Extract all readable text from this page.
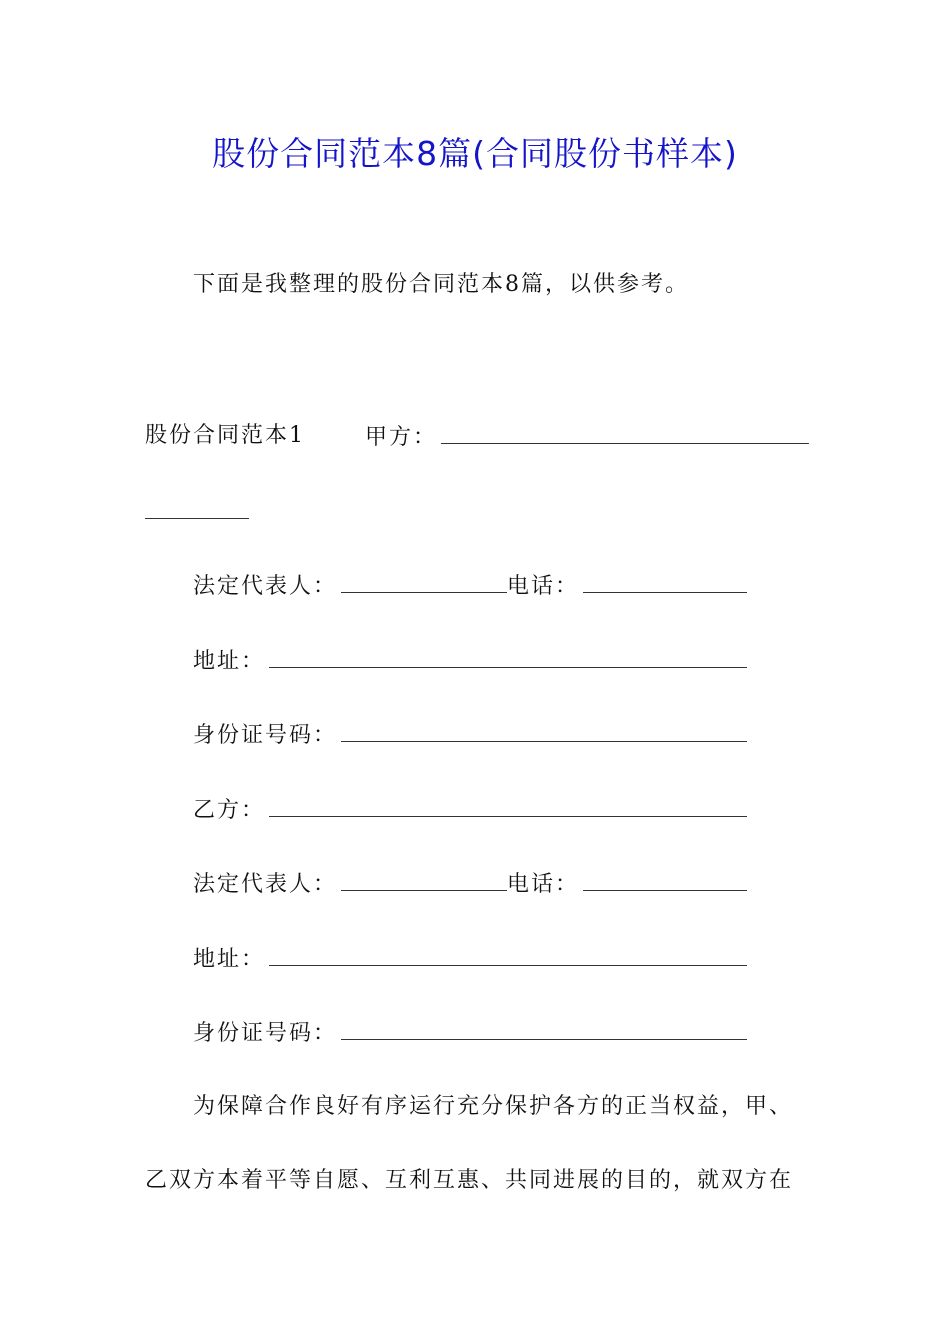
股份合同范本8篇(合同股份书样本)
下面是我整理的股份合同范本8篇，以供参考。
股份合同范本1	甲方：
法定代表人：	电话：
地址：
身份证号码：
乙方：
法定代表人：	电话：
地址：
身份证号码：
为保障合作良好有序运行充分保护各方的正当权益，甲、
乙双方本着平等自愿、互利互惠、共同进展的目的，就双方在
